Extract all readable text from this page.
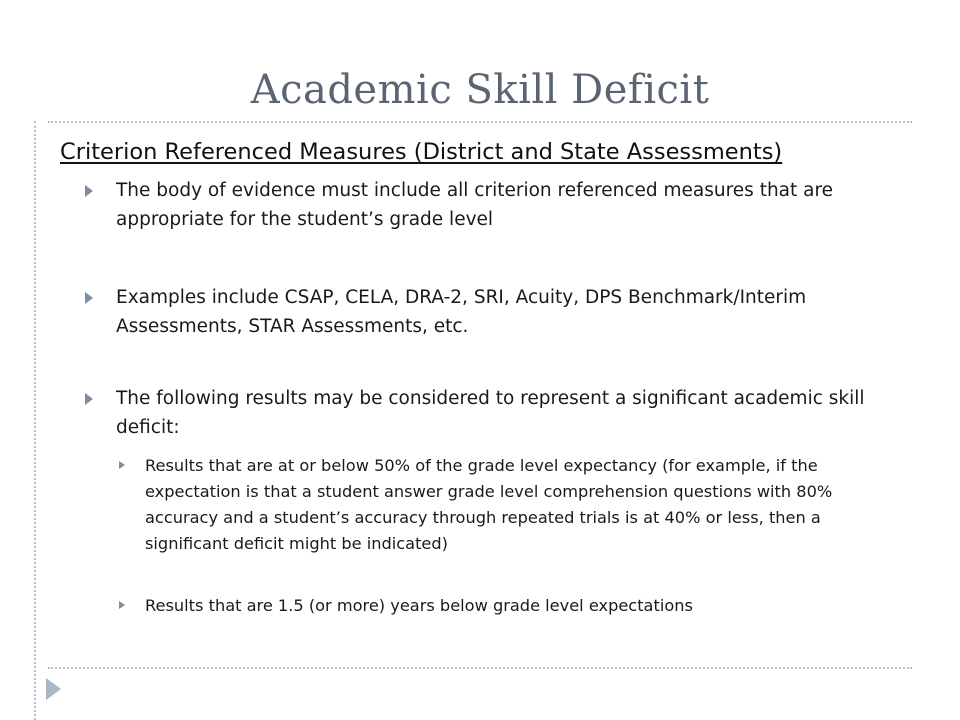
Academic Skill Deficit
Criterion Referenced Measures (District and State Assessments)
The body of evidence must include all criterion referenced measures that are appropriate for the student’s grade level
Examples include CSAP, CELA, DRA-2, SRI, Acuity, DPS Benchmark/Interim Assessments, STAR Assessments, etc.
The following results may be considered to represent a significant academic skill deficit:
Results that are at or below 50% of the grade level expectancy (for example, if the expectation is that a student answer grade level comprehension questions with 80% accuracy and a student’s accuracy through repeated trials is at 40% or less, then a significant deficit might be indicated)
Results that are 1.5 (or more) years below grade level expectations
